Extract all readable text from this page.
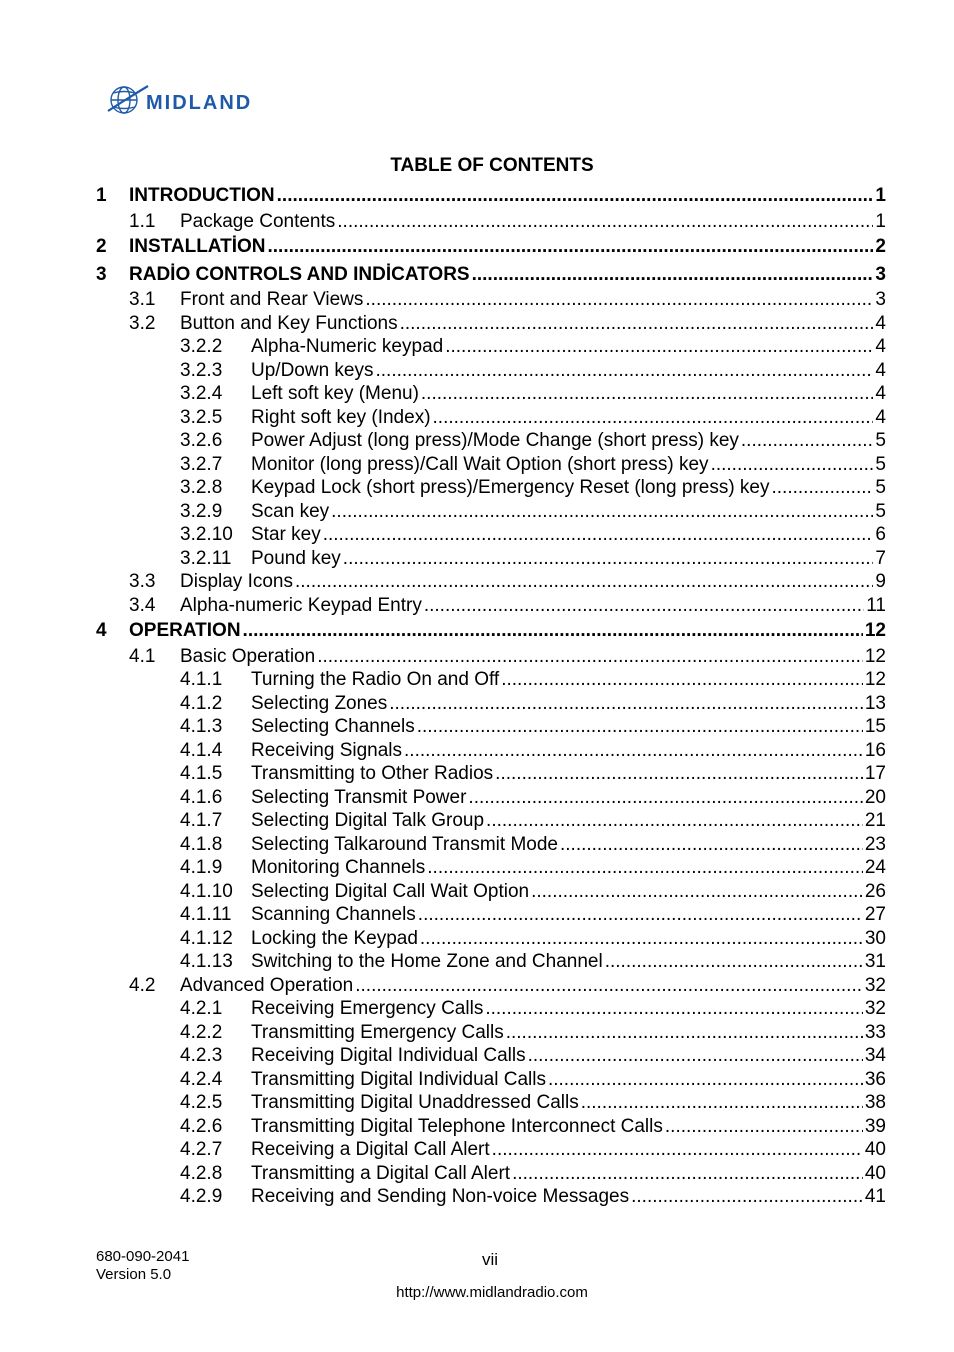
MIDLAND
TABLE OF CONTENTS
1	INTRODUCTION .....	1
1.1	Package Contents .....	1
2	INSTALLATİON .....	2
3	RADİO CONTROLS AND INDİCATORS .....	3
3.1	Front and Rear Views .....	3
3.2	Button and Key Functions .....	4
3.2.2	Alpha-Numeric keypad .....	4
3.2.3	Up/Down keys .....	4
3.2.4	Left soft key (Menu) .....	4
3.2.5	Right soft key (Index) .....	4
3.2.6	Power Adjust (long press)/Mode Change (short press) key .....	5
3.2.7	Monitor (long press)/Call Wait Option (short press) key .....	5
3.2.8	Keypad Lock (short press)/Emergency Reset (long press) key .....	5
3.2.9	Scan key .....	5
3.2.10 Star key .....	6
3.2.11	Pound key .....	7
3.3	Display Icons .....	9
3.4	Alpha-numeric Keypad Entry .....	11
4	OPERATION .....	12
4.1	Basic Operation .....	12
4.1.1	Turning the Radio On and Off .....	12
4.1.2	Selecting Zones .....	13
4.1.3	Selecting Channels .....	15
4.1.4	Receiving Signals .....	16
4.1.5	Transmitting to Other Radios .....	17
4.1.6	Selecting Transmit Power .....	20
4.1.7	Selecting Digital Talk Group .....	21
4.1.8	Selecting Talkaround Transmit Mode .....	23
4.1.9	Monitoring Channels .....	24
4.1.10 Selecting Digital Call Wait Option .....	26
4.1.11	Scanning Channels .....	27
4.1.12 Locking the Keypad .....	30
4.1.13 Switching to the Home Zone and Channel .....	31
4.2	Advanced Operation .....	32
4.2.1	Receiving Emergency Calls .....	32
4.2.2	Transmitting Emergency Calls .....	33
4.2.3	Receiving Digital Individual Calls .....	34
4.2.4	Transmitting Digital Individual Calls .....	36
4.2.5	Transmitting Digital Unaddressed Calls .....	38
4.2.6	Transmitting Digital Telephone Interconnect Calls .....	39
4.2.7	Receiving a Digital Call Alert .....	40
4.2.8	Transmitting a Digital Call Alert .....	40
4.2.9	Receiving and Sending Non-voice Messages .....	41
680-090-2041
Version 5.0
vii
http://www.midlandradio.com
